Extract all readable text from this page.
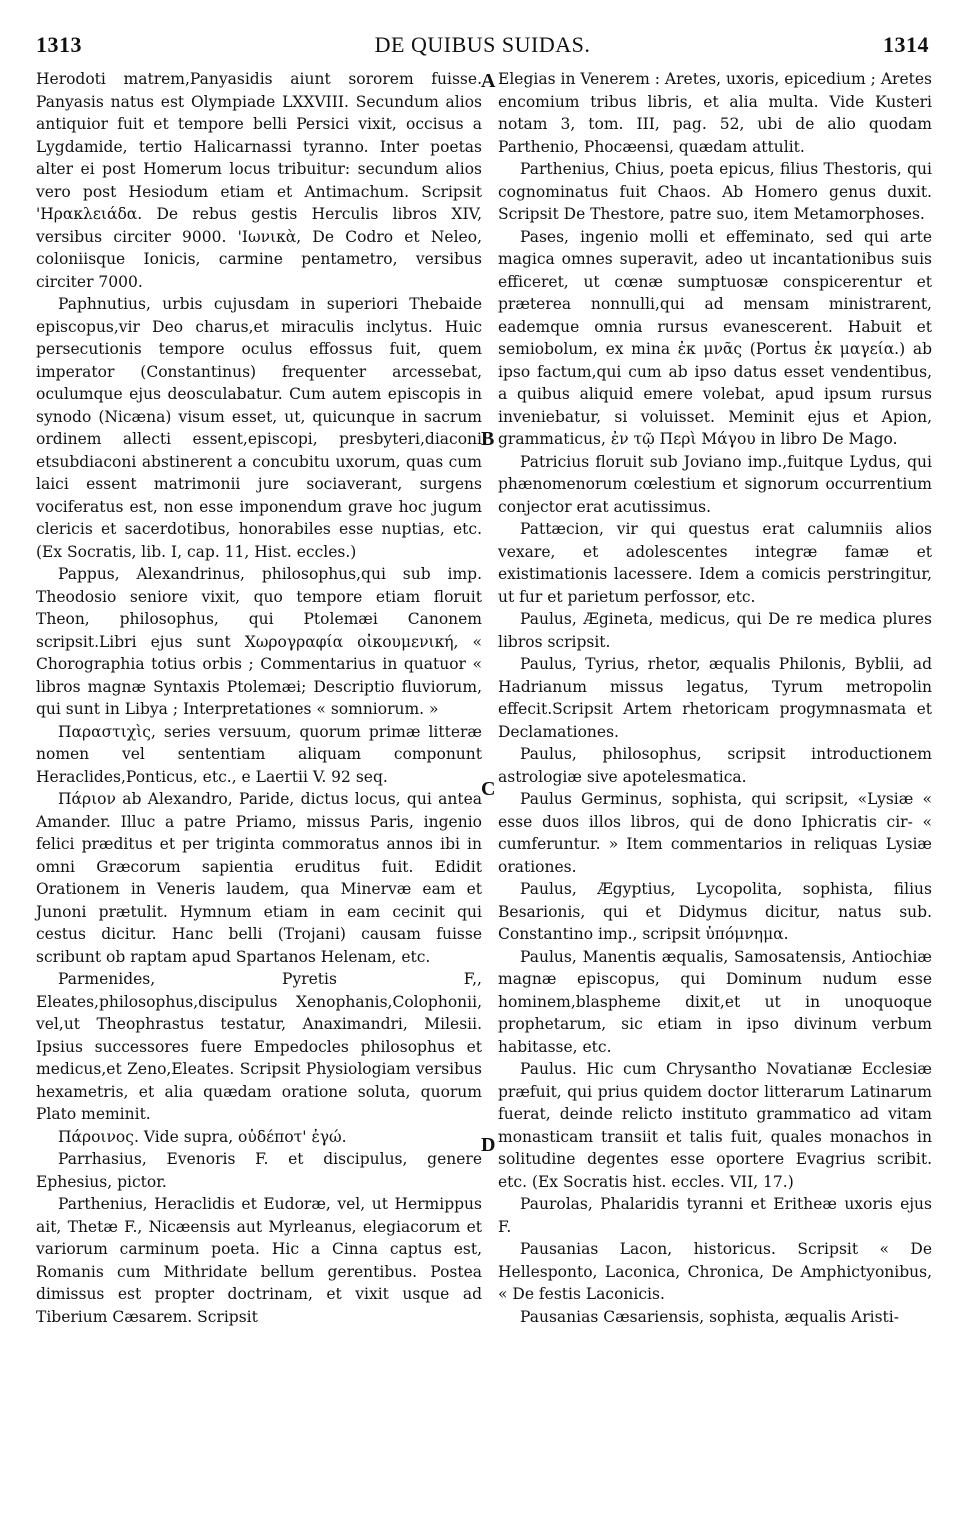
1313	DE QUIBUS SUIDAS.	1314
A
B
C
D

Herodoti matrem,Panyasidis aiunt sororem fuisse. Panyasis natus est Olympiade LXXVIII. Secundum alios antiquior fuit et tempore belli Persici vixit, occisus a Lygdamide, tertio Halicarnassi tyranno. Inter poetas alter ei post Homerum locus tribuitur: secundum alios vero post Hesiodum etiam et Antimachum. Scripsit 'Ηρακλειάδα. De rebus gestis Herculis libros XIV, versibus circiter 9000. 'Ιωνικὰ, De Codro et Neleo, coloniisque Ionicis, carmine pentametro, versibus circiter 7000.

Paphnutius, urbis cujusdam in superiori Thebaide episcopus,vir Deo charus,et miraculis inclytus. Huic persecutionis tempore oculus effossus fuit, quem imperator (Constantinus) frequenter arcessebat, oculumque ejus deosculabatur. Cum autem episcopis in synodo (Nicæna) visum esset, ut, quicunque in sacrum ordinem allecti essent,episcopi, presbyteri,diaconi etsubdiaconi abstinerent a concubitu uxorum, quas cum laici essent matrimonii jure sociaverant, surgens vociferatus est, non esse imponendum grave hoc jugum clericis et sacerdotibus, honorabiles esse nuptias, etc. (Ex Socratis, lib. I, cap. 11, Hist. eccles.)

Pappus, Alexandrinus, philosophus,qui sub imp. Theodosio seniore vixit, quo tempore etiam floruit Theon, philosophus, qui Ptolemæi Canonem scripsit.Libri ejus sunt Χωρογραφία οἰκουμενική, « Chorographia totius orbis ; Commentarius in quatuor « libros magnæ Syntaxis Ptolemæi; Descriptio fluviorum, qui sunt in Libya ; Interpretationes « somniorum. »

Παραστιχὶς, series versuum, quorum primæ litteræ nomen vel sententiam aliquam componunt Heraclides,Ponticus, etc., e Laertii V. 92 seq.

Πάριον ab Alexandro, Paride, dictus locus, qui antea Amander. Illuc a patre Priamo, missus Paris, ingenio felici præditus et per triginta commoratus annos ibi in omni Græcorum sapientia eruditus fuit. Edidit Orationem in Veneris laudem, qua Minervæ eam et Junoni prætulit. Hymnum etiam in eam cecinit qui cestus dicitur. Hanc belli (Trojani) causam fuisse scribunt ob raptam apud Spartanos Helenam, etc.

Parmenides, Pyretis F,, Eleates,philosophus,discipulus Xenophanis,Colophonii, vel,ut Theophrastus testatur, Anaximandri, Milesii. Ipsius successores fuere Empedocles philosophus et medicus,et Zeno,Eleates. Scripsit Physiologiam versibus hexametris, et alia quædam oratione soluta, quorum Plato meminit.

Πάροινος. Vide supra, οὐδέποτ' ἐγώ.

Parrhasius, Evenoris F. et discipulus, genere Ephesius, pictor.

Parthenius, Heraclidis et Eudoræ, vel, ut Hermippus ait, Thetæ F., Nicæensis aut Myrleanus, elegiacorum et variorum carminum poeta. Hic a Cinna captus est, Romanis cum Mithridate bellum gerentibus. Postea dimissus est propter doctrinam, et vixit usque ad Tiberium Cæsarem. Scripsit

Elegias in Venerem : Aretes, uxoris, epicedium ; Aretes encomium tribus libris, et alia multa. Vide Kusteri notam 3, tom. III, pag. 52, ubi de alio quodam Parthenio, Phocæensi, quædam attulit.

Parthenius, Chius, poeta epicus, filius Thestoris, qui cognominatus fuit Chaos. Ab Homero genus duxit. Scripsit De Thestore, patre suo, item Metamorphoses.

Pases, ingenio molli et effeminato, sed qui arte magica omnes superavit, adeo ut incantationibus suis efficeret, ut cœnæ sumptuosæ conspicerentur et præterea nonnulli,qui ad mensam ministrarent, eademque omnia rursus evanescerent. Habuit et semiobolum, ex mina ἐκ μνᾶς (Portus ἐκ μαγεία.) ab ipso factum,qui cum ab ipso datus esset vendentibus, a quibus aliquid emere volebat, apud ipsum rursus inveniebatur, si voluisset. Meminit ejus et Apion, grammaticus, ἐν τῷ Περὶ Μάγου in libro De Mago.

Patricius floruit sub Joviano imp.,fuitque Lydus, qui phænomenorum cœlestium et signorum occurrentium conjector erat acutissimus.

Pattæcion, vir qui questus erat calumniis alios vexare, et adolescentes integræ famæ et existimationis lacessere. Idem a comicis perstringitur, ut fur et parietum perfossor, etc.

Paulus, Ægineta, medicus, qui De re medica plures libros scripsit.

Paulus, Tyrius, rhetor, æqualis Philonis, Byblii, ad Hadrianum missus legatus, Tyrum metropolin effecit.Scripsit Artem rhetoricam progymnasmata et Declamationes.

Paulus, philosophus, scripsit introductionem astrologiæ sive apotelesmatica.

Paulus Germinus, sophista, qui scripsit, «Lysiæ « esse duos illos libros, qui de dono Iphicratis cir- « cumferuntur. » Item commentarios in reliquas Lysiæ orationes.

Paulus, Ægyptius, Lycopolita, sophista, filius Besarionis, qui et Didymus dicitur, natus sub. Constantino imp., scripsit ὑπόμνημα.

Paulus, Manentis æqualis, Samosatensis, Antiochiæ magnæ episcopus, qui Dominum nudum esse hominem,blaspheme dixit,et ut in unoquoque prophetarum, sic etiam in ipso divinum verbum habitasse, etc.

Paulus. Hic cum Chrysantho Novatianæ Ecclesiæ præfuit, qui prius quidem doctor litterarum Latinarum fuerat, deinde relicto instituto grammatico ad vitam monasticam transiit et talis fuit, quales monachos in solitudine degentes esse oportere Evagrius scribit. etc. (Ex Socratis hist. eccles. VII, 17.)

Paurolas, Phalaridis tyranni et Eritheæ uxoris ejus F.

Pausanias Lacon, historicus. Scripsit « De Hellesponto, Laconica, Chronica, De Amphictyonibus, « De festis Laconicis.

Pausanias Cæsariensis, sophista, æqualis Aristi-
